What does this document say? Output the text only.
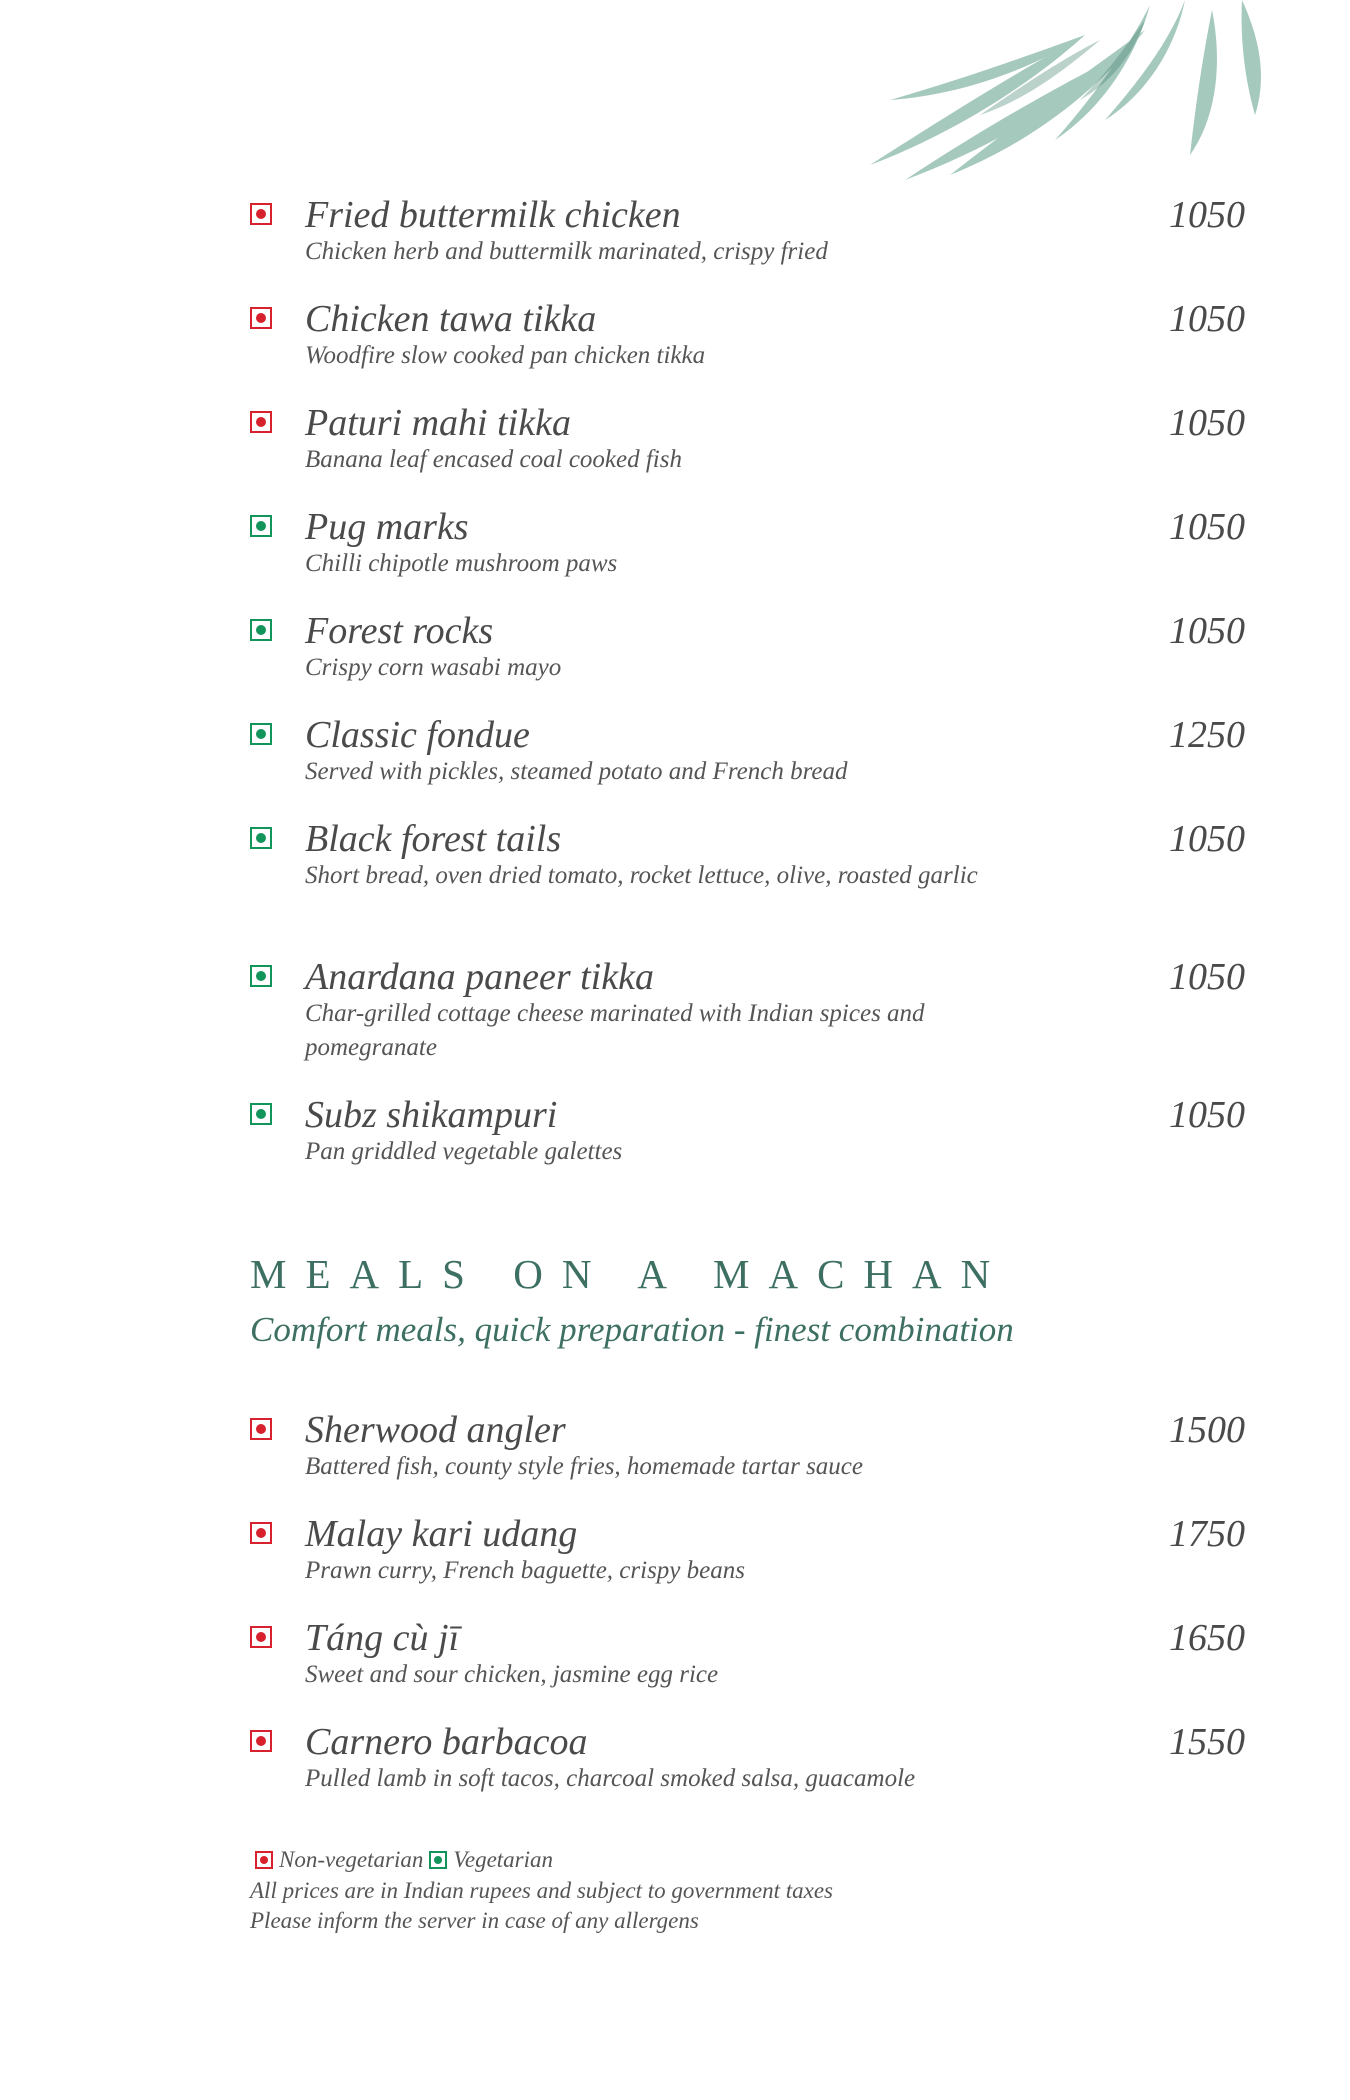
Fried buttermilk chicken
Chicken herb and buttermilk marinated, crispy fried
1050
Chicken tawa tikka
Woodfire slow cooked pan chicken tikka
1050
Paturi mahi tikka
Banana leaf encased coal cooked fish
1050
Pug marks
Chilli chipotle mushroom paws
1050
Forest rocks
Crispy corn wasabi mayo
1050
Classic fondue
Served with pickles, steamed potato and French bread
1250
Black forest tails
Short bread, oven dried tomato, rocket lettuce, olive, roasted garlic
1050
Anardana paneer tikka
Char-grilled cottage cheese marinated with Indian spices and pomegranate
1050
Subz shikampuri
Pan griddled vegetable galettes
1050
Sherwood angler
Battered fish, county style fries, homemade tartar sauce
1500
Malay kari udang
Prawn curry, French baguette, crispy beans
1750
Táng cù jī
Sweet and sour chicken, jasmine egg rice
1650
Carnero barbacoa
Pulled lamb in soft tacos, charcoal smoked salsa, guacamole
1550
MEALS ON A MACHAN
Comfort meals, quick preparation - finest combination
Non-vegetarian Vegetarian
All prices are in Indian rupees and subject to government taxes
Please inform the server in case of any allergens
